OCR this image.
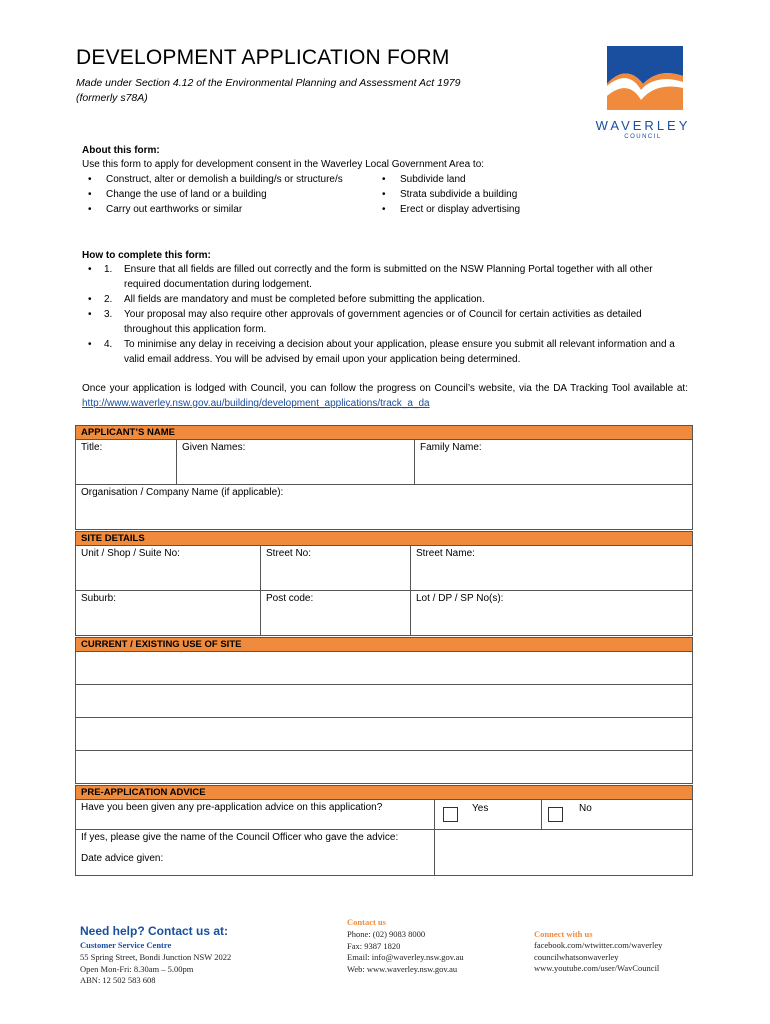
DEVELOPMENT APPLICATION FORM
Made under Section 4.12 of the Environmental Planning and Assessment Act 1979
(formerly s78A)
WAVERLEY
COUNCIL
About this form:
Use this form to apply for development consent in the Waverley Local Government Area to:
• Construct, alter or demolish a building/s or structure/s
• Change the use of land or a building
• Carry out earthworks or similar
• Subdivide land
• Strata subdivide a building
• Erect or display advertising
How to complete this form:
• 1. Ensure that all fields are filled out correctly and the form is submitted on the NSW Planning Portal together with all other required documentation during lodgement.
• 2. All fields are mandatory and must be completed before submitting the application.
• 3. Your proposal may also require other approvals of government agencies or of Council for certain activities as detailed throughout this application form.
• 4. To minimise any delay in receiving a decision about your application, please ensure you submit all relevant information and a valid email address. You will be advised by email upon your application being determined.
Once your application is lodged with Council, you can follow the progress on Council’s website, via the DA Tracking Tool available at: http://www.waverley.nsw.gov.au/building/development_applications/track_a_da
APPLICANT’S NAME
Title:	Given Names:	Family Name:
Organisation / Company Name (if applicable):
SITE DETAILS
Unit / Shop / Suite No:	Street No:	Street Name:
Suburb:	Post code:	Lot / DP / SP No(s):
CURRENT / EXISTING USE OF SITE
PRE-APPLICATION ADVICE
Have you been given any pre-application advice on this application?	Yes	No
If yes, please give the name of the Council Officer who gave the advice:
Date advice given:
Need help? Contact us at:
Customer Service Centre
55 Spring Street, Bondi Junction NSW 2022
Open Mon-Fri: 8.30am – 5.00pm
ABN: 12 502 583 608
Contact us
Phone: (02) 9083 8000
Fax: 9387 1820
Email: info@waverley.nsw.gov.au
Web: www.waverley.nsw.gov.au
Connect with us
facebook.com/wtwitter.com/waverley
councilwhatsonwaverley
www.youtube.com/user/WavCouncil
